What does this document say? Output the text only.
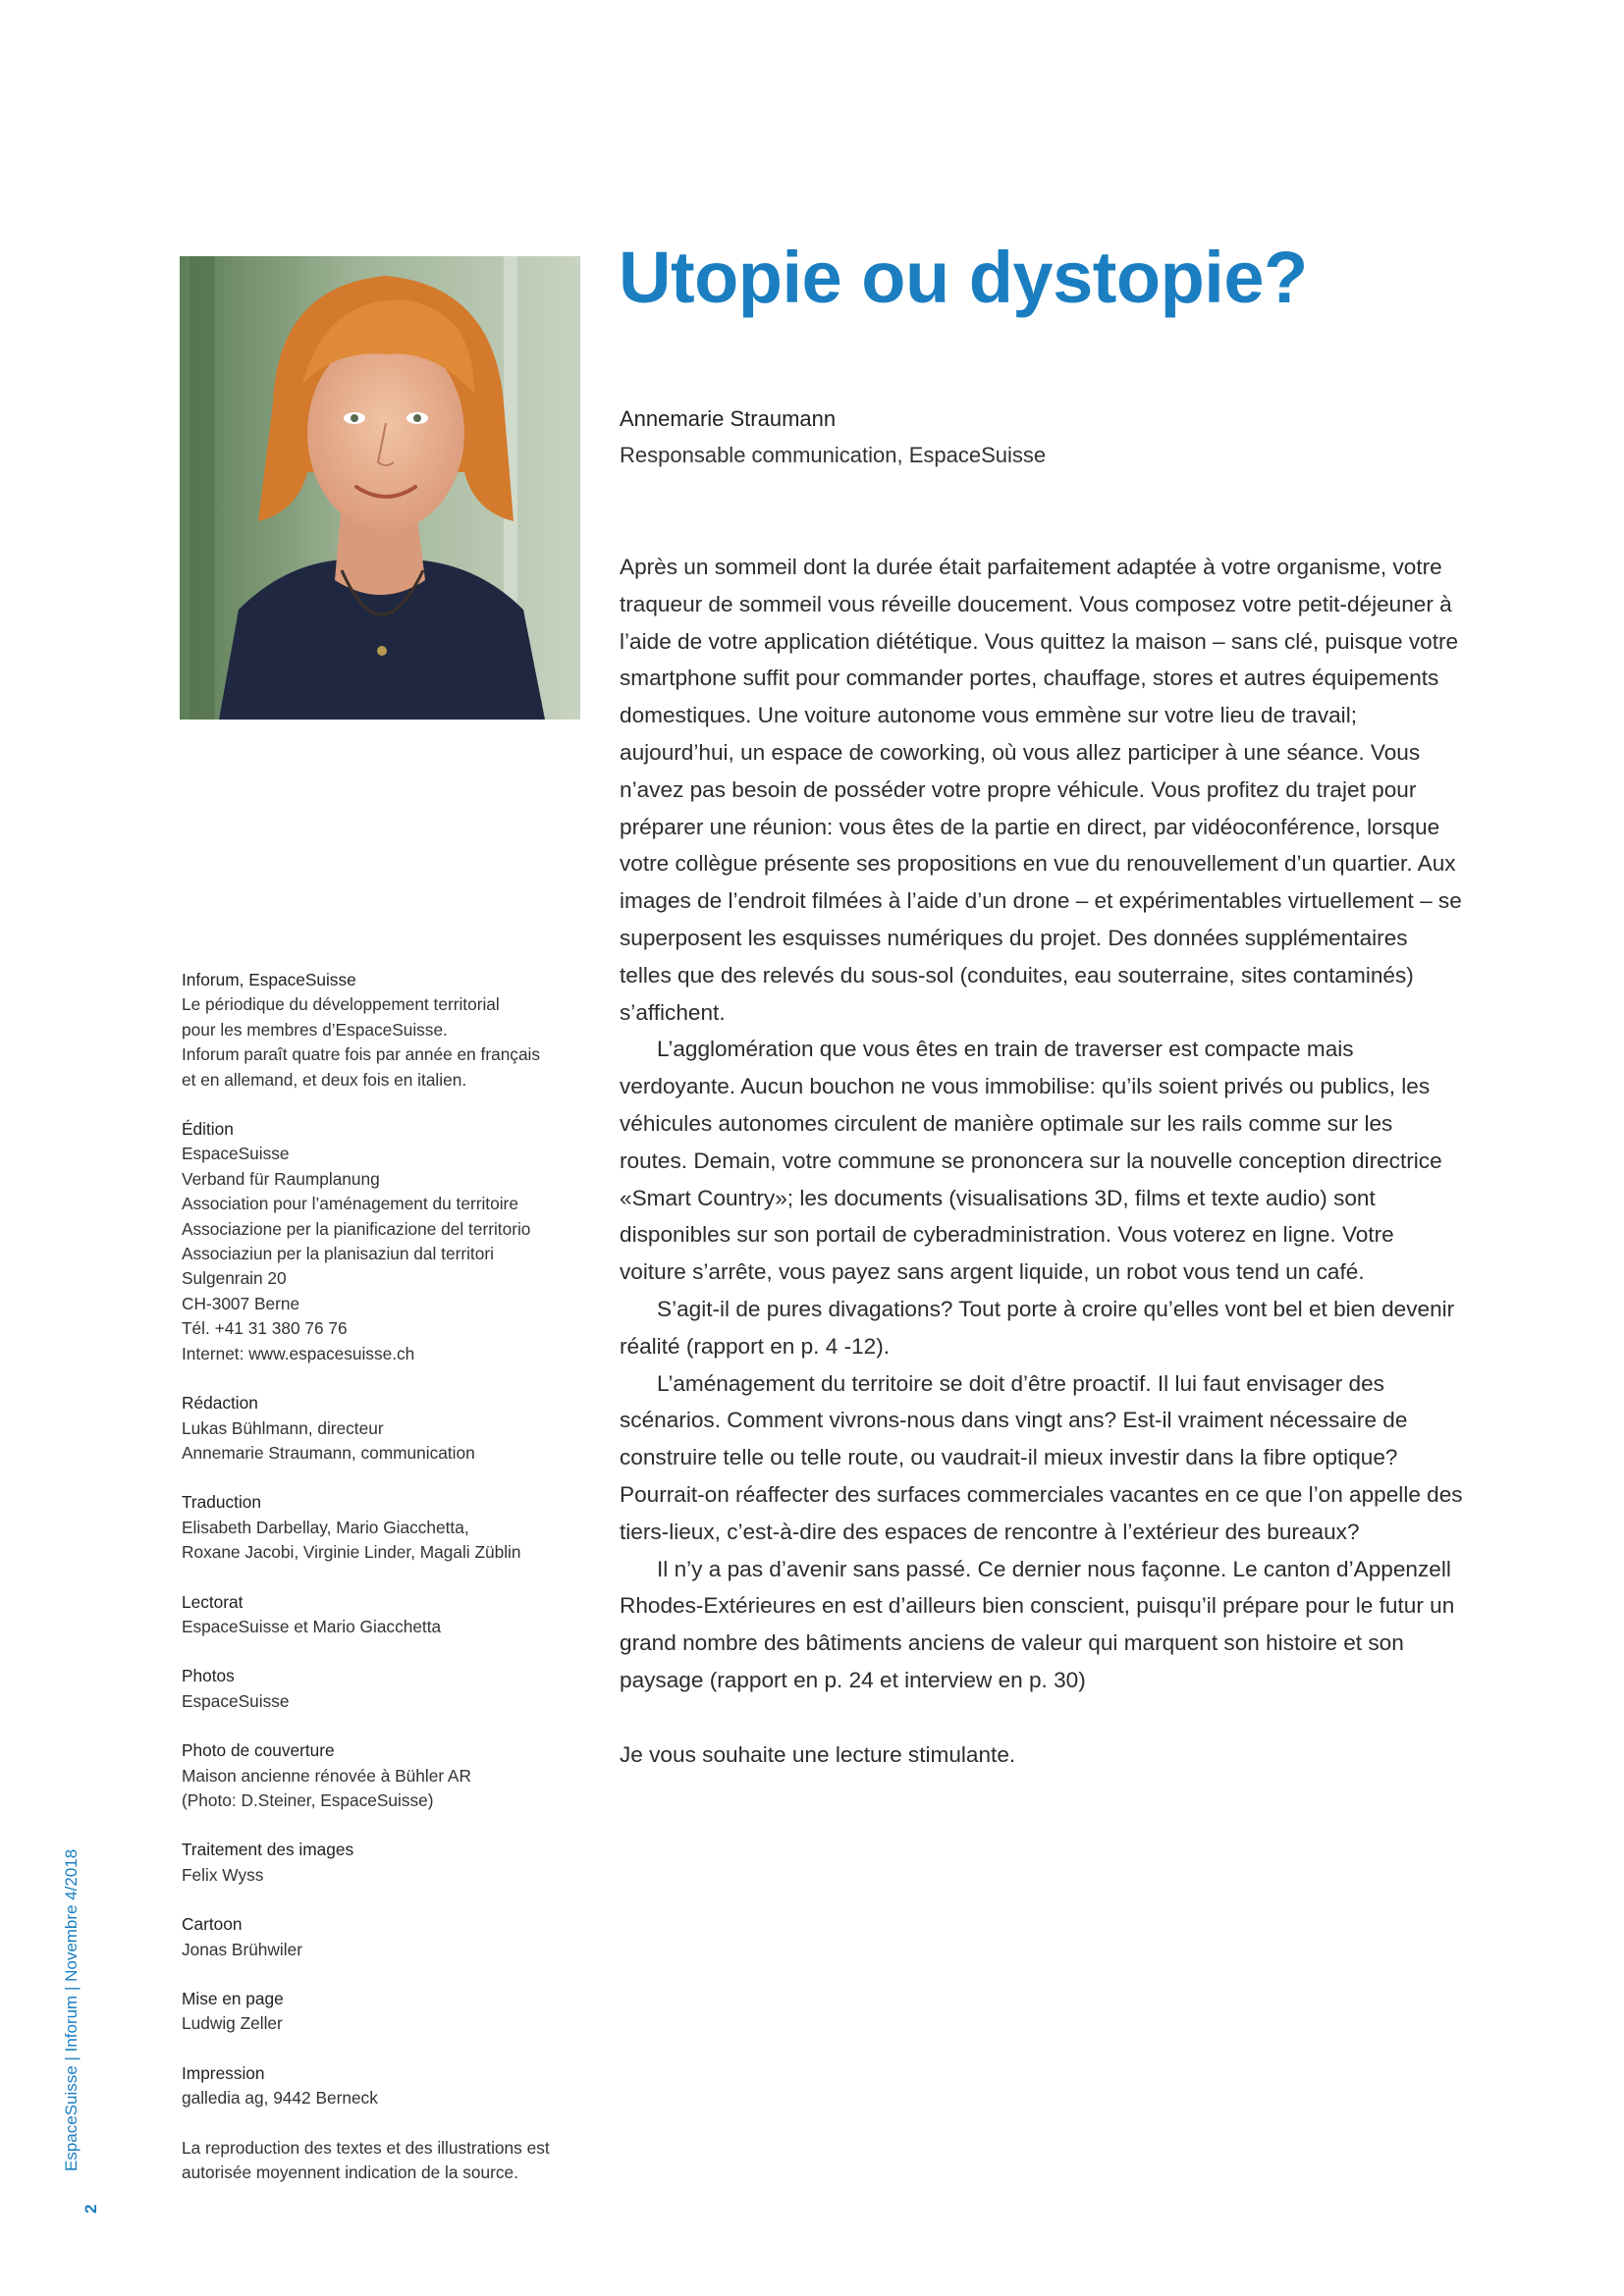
Utopie ou dystopie?
Annemarie Straumann
Responsable communication, EspaceSuisse

Après un sommeil dont la durée était parfaitement adaptée à votre organisme, votre traqueur de sommeil vous réveille doucement. Vous composez votre petit-déjeuner à l’aide de votre application diététique. Vous quittez la maison – sans clé, puisque votre smartphone suffit pour commander portes, chauffage, stores et autres équipements domestiques. Une voiture autonome vous emmène sur votre lieu de travail; aujourd’hui, un espace de coworking, où vous allez participer à une séance. Vous n’avez pas besoin de posséder votre propre véhicule. Vous profitez du trajet pour préparer une réunion: vous êtes de la partie en direct, par vidéoconférence, lorsque votre collègue présente ses propositions en vue du renouvellement d’un quartier. Aux images de l’endroit filmées à l’aide d’un drone – et expérimentables virtuellement – se superposent les esquisses numériques du projet. Des données supplémentaires telles que des relevés du sous-sol (conduites, eau souterraine, sites contaminés) s’affichent.

L’agglomération que vous êtes en train de traverser est compacte mais verdoyante. Aucun bouchon ne vous immobilise: qu’ils soient privés ou publics, les véhicules autonomes circulent de manière optimale sur les rails comme sur les routes. Demain, votre commune se prononcera sur la nouvelle conception directrice «Smart Country»; les documents (visualisations 3D, films et texte audio) sont disponibles sur son portail de cyberadministration. Vous voterez en ligne. Votre voiture s’arrête, vous payez sans argent liquide, un robot vous tend un café.

S’agit-il de pures divagations? Tout porte à croire qu’elles vont bel et bien devenir réalité (rapport en p. 4 -12).

L’aménagement du territoire se doit d’être proactif. Il lui faut envisager des scénarios. Comment vivrons-nous dans vingt ans? Est-il vraiment nécessaire de construire telle ou telle route, ou vaudrait-il mieux investir dans la fibre optique? Pourrait-on réaffecter des surfaces commerciales vacantes en ce que l’on appelle des tiers-lieux, c’est-à-dire des espaces de rencontre à l’extérieur des bureaux?

Il n’y a pas d’avenir sans passé. Ce dernier nous façonne. Le canton d’Appenzell Rhodes-Extérieures en est d’ailleurs bien conscient, puisqu’il prépare pour le futur un grand nombre des bâtiments anciens de valeur qui marquent son histoire et son paysage (rapport en p. 24 et interview en p. 30)

Je vous souhaite une lecture stimulante.

Inforum, EspaceSuisse
Le périodique du développement territorial
pour les membres d’EspaceSuisse.
Inforum paraît quatre fois par année en français
et en allemand, et deux fois en italien.
Édition
EspaceSuisse
Verband für Raumplanung
Association pour l’aménagement du territoire
Associazione per la pianificazione del territorio
Associaziun per la planisaziun dal territori
Sulgenrain 20
CH-3007 Berne
Tél. +41 31 380 76 76
Internet: www.espacesuisse.ch
Rédaction
Lukas Bühlmann, directeur
Annemarie Straumann, communication
Traduction
Elisabeth Darbellay, Mario Giacchetta,
Roxane Jacobi, Virginie Linder, Magali Züblin
Lectorat
EspaceSuisse et Mario Giacchetta
Photos
EspaceSuisse
Photo de couverture
Maison ancienne rénovée à Bühler AR
(Photo: D.Steiner, EspaceSuisse)
Traitement des images
Felix Wyss
Cartoon
Jonas Brühwiler
Mise en page
Ludwig Zeller
Impression
galledia ag, 9442 Berneck
La reproduction des textes et des illustrations est
autorisée moyennent indication de la source.
EspaceSuisse | Inforum | Novembre 4/2018
2
